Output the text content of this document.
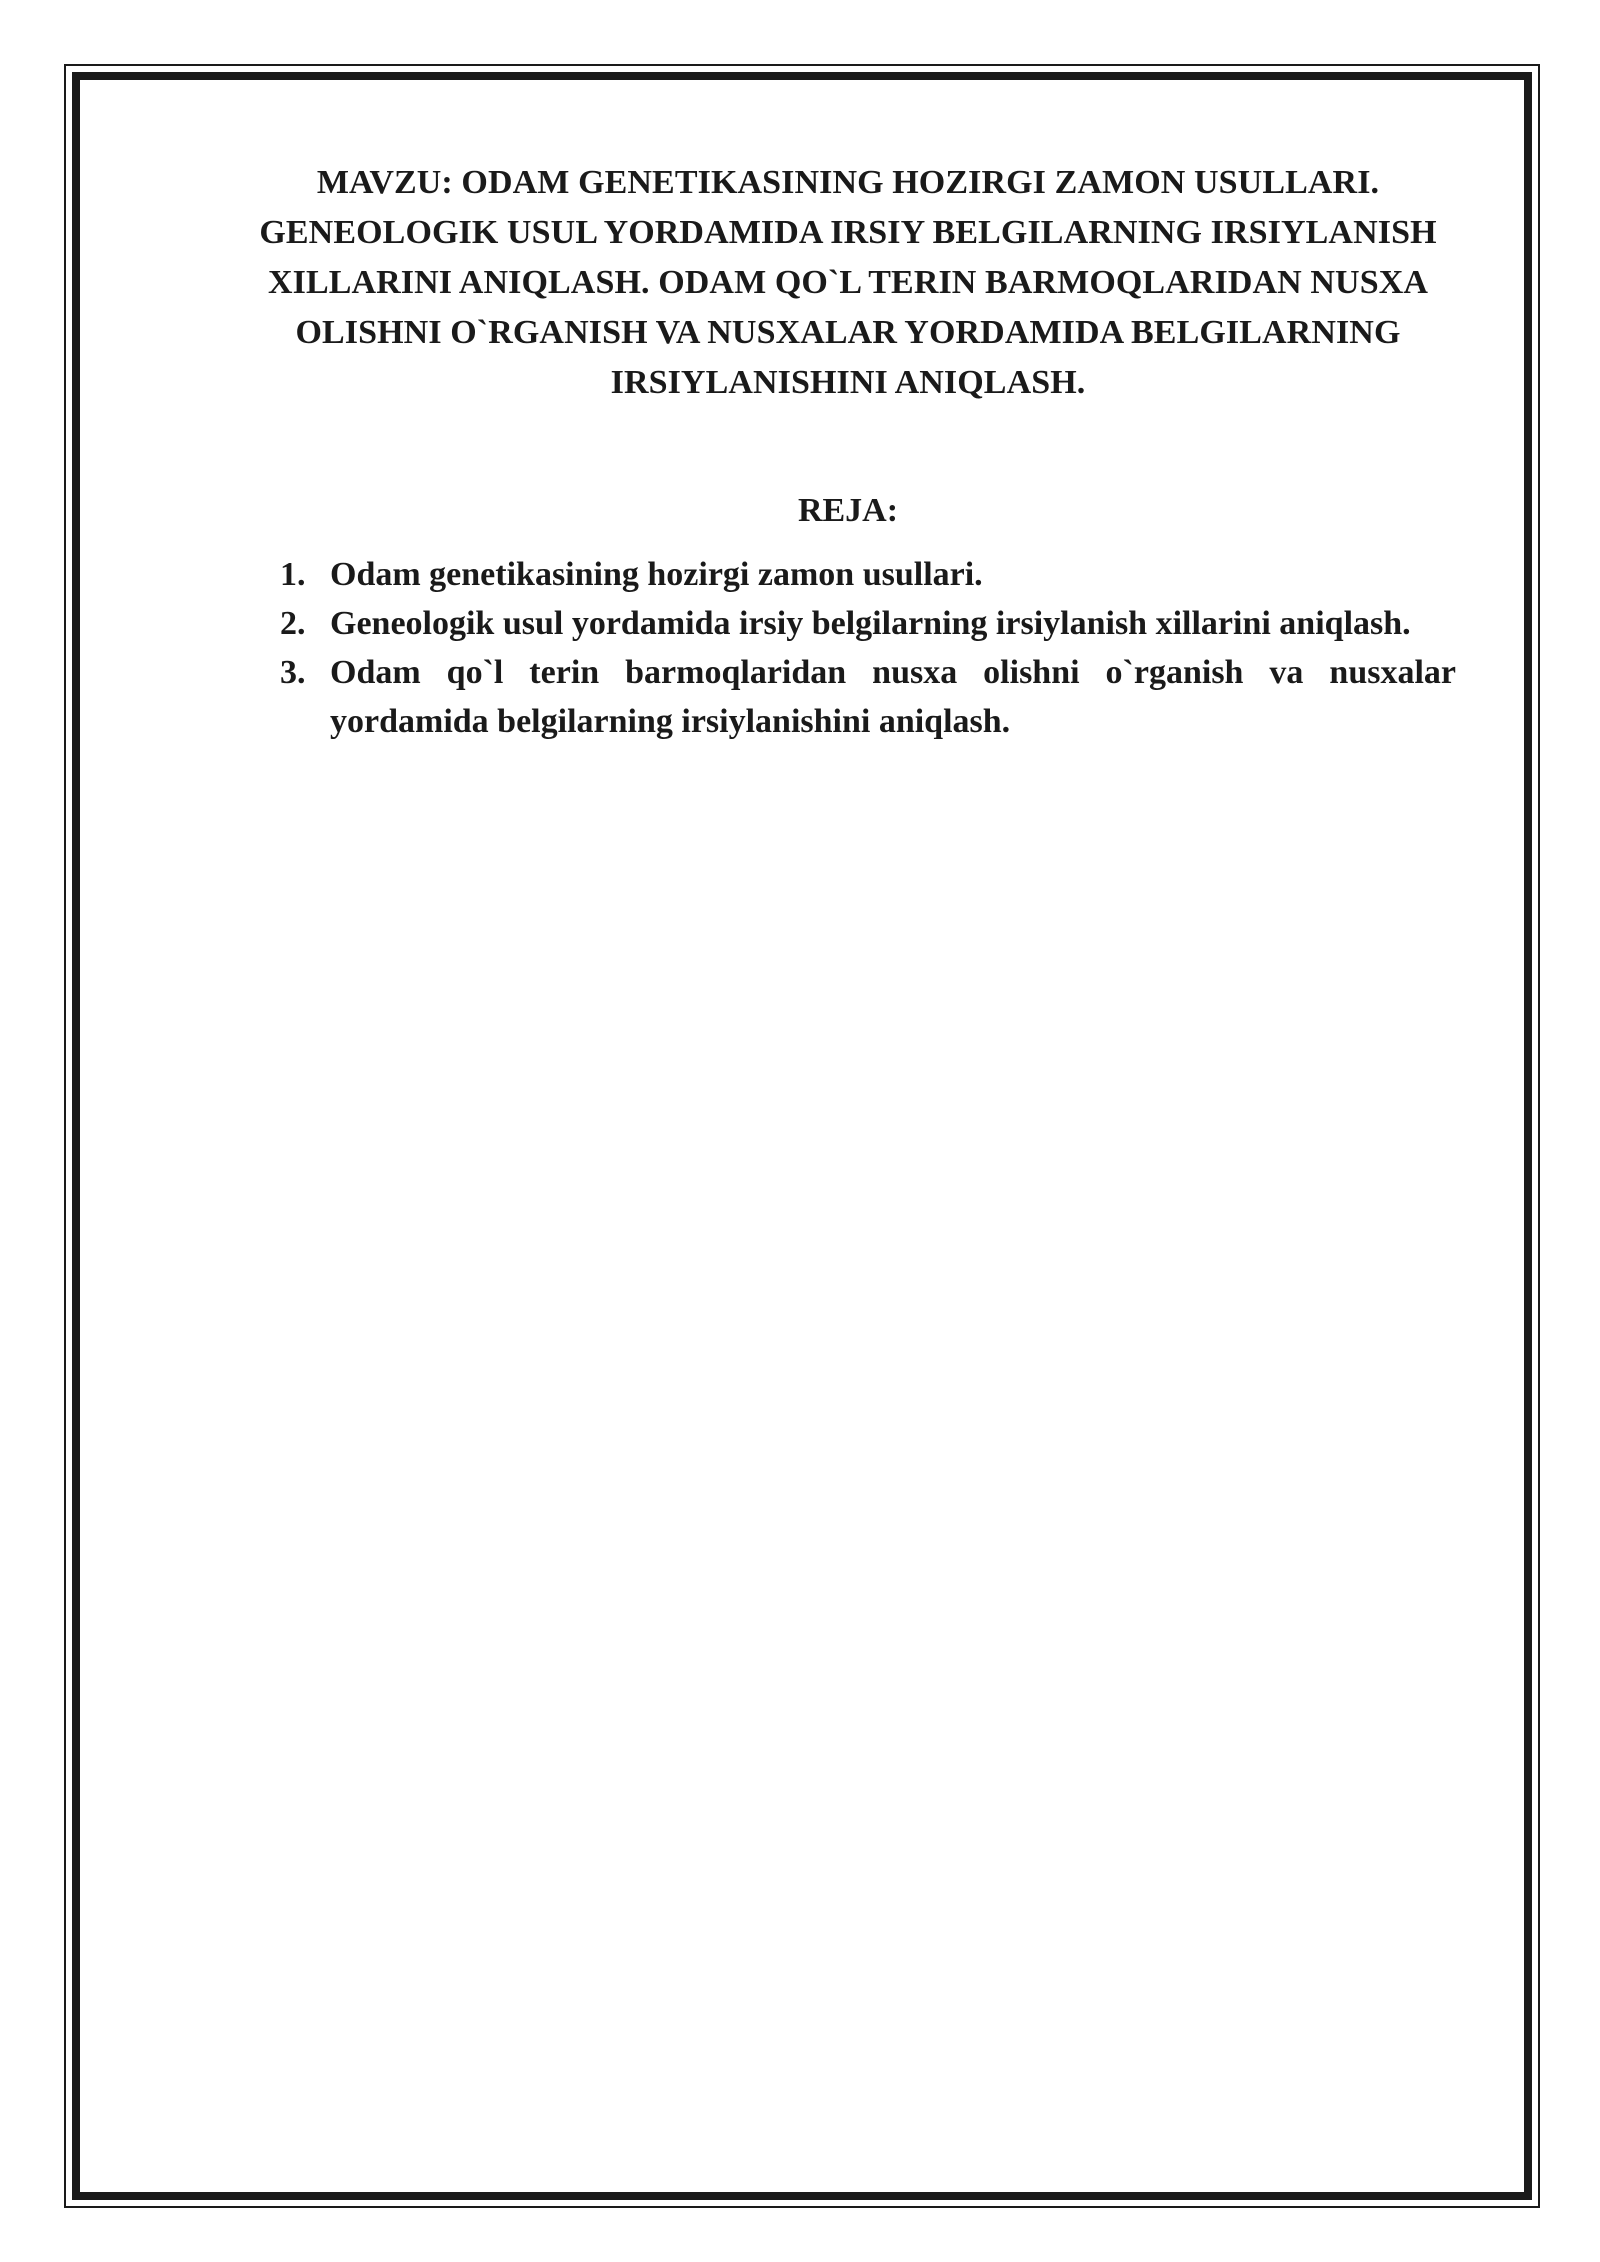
MAVZU: ODAM GENETIKASINING HOZIRGI ZAMON USULLARI. GENEOLOGIK USUL YORDAMIDA IRSIY BELGILARNING IRSIYLANISH XILLARINI ANIQLASH. ODAM QO`L TERIN BARMOQLARIDAN NUSXA OLISHNI O`RGANISH VA NUSXALAR YORDAMIDA BELGILARNING IRSIYLANISHINI ANIQLASH.

REJA:

1. Odam genetikasining hozirgi zamon usullari.
2. Geneologik usul yordamida irsiy belgilarning irsiylanish xillarini aniqlash.
3. Odam qo`l terin barmoqlaridan nusxa olishni o`rganish va nusxalar yordamida belgilarning irsiylanishini aniqlash.
